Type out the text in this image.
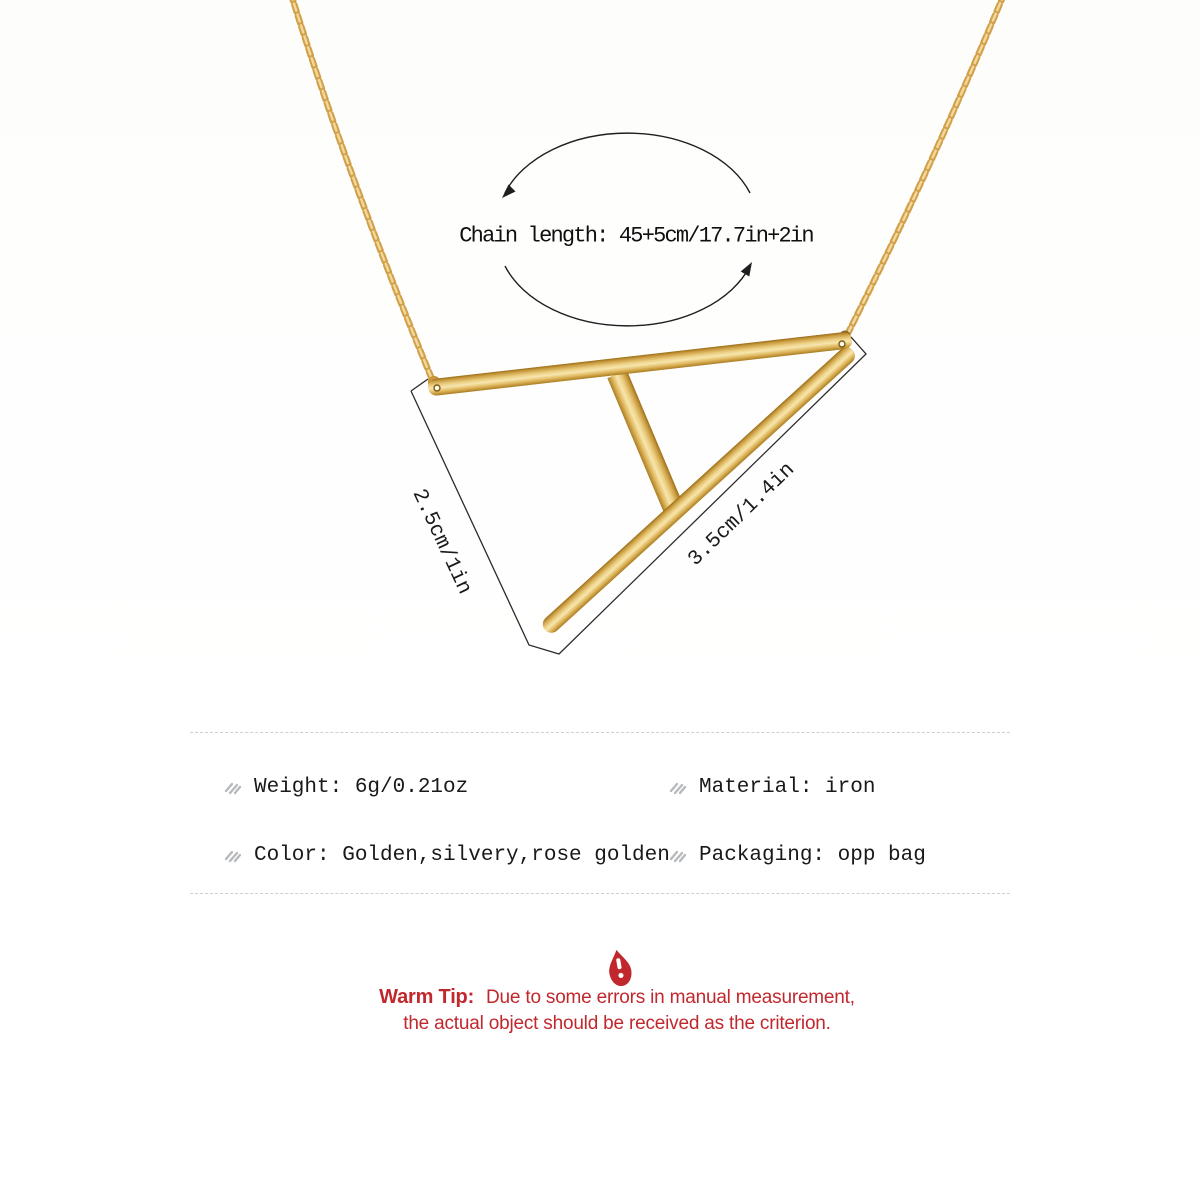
Chain length: 45+5cm/17.7in+2in
2.5cm/1in	3.5cm/1.4in
Weight: 6g/0.21oz	Material: iron
Color: Golden,silvery,rose golden Packaging: opp bag
Warm Tip: Due to some errors in manual measurement,
the actual object should be received as the criterion.
